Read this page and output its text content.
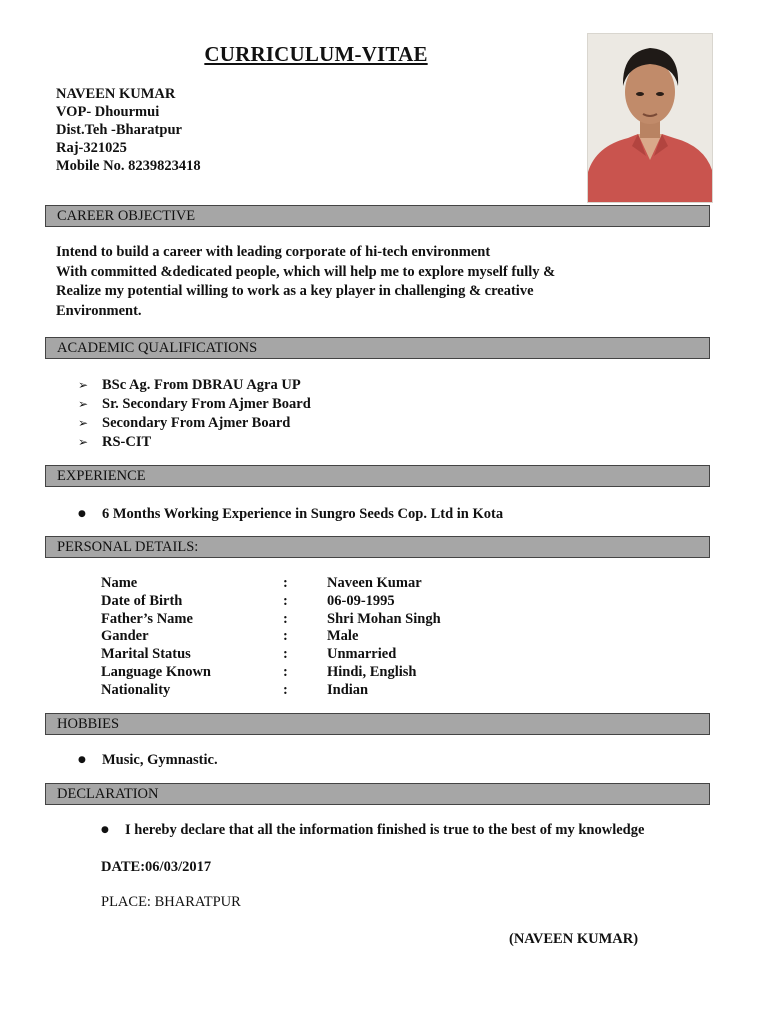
CURRICULUM-VITAE
NAVEEN KUMAR
VOP- Dhourmui
Dist.Teh -Bharatpur
Raj-321025
Mobile No. 8239823418
CAREER OBJECTIVE
Intend to build a career with leading corporate of hi-tech environment
With committed &dedicated people, which will help me to explore myself fully &
Realize my potential willing to work as a key player in challenging & creative
Environment.
ACADEMIC QUALIFICATIONS
➢ BSc Ag. From DBRAU Agra UP
➢ Sr. Secondary From Ajmer Board
➢ Secondary From Ajmer Board
➢ RS-CIT
EXPERIENCE
● 6 Months Working Experience in Sungro Seeds Cop. Ltd in Kota
PERSONAL DETAILS:
Name	:	Naveen Kumar
Date of Birth	:	06-09-1995
Father’s Name	:	Shri Mohan Singh
Gander	:	Male
Marital Status	:	Unmarried
Language Known	:	Hindi, English
Nationality	:	Indian
HOBBIES
● Music, Gymnastic.
DECLARATION
● I hereby declare that all the information finished is true to the best of my knowledge
DATE:06/03/2017
PLACE: BHARATPUR
(NAVEEN KUMAR)
